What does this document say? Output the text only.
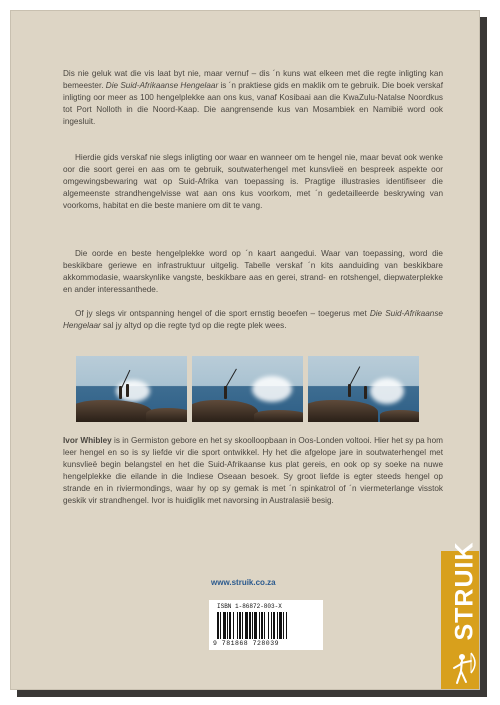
Dis nie geluk wat die vis laat byt nie, maar vernuf – dis ´n kuns wat elkeen met die regte inligting kan bemeester. Die Suid-Afrikaanse Hengelaar is ´n praktiese gids en maklik om te gebruik. Die boek verskaf inligting oor meer as 100 hengelplekke aan ons kus, vanaf Kosibaai aan die KwaZulu-Natalse Noordkus tot Port Nolloth in die Noord-Kaap. Die aangrensende kus van Mosambiek en Namibië word ook ingesluit.

Hierdie gids verskaf nie slegs inligting oor waar en wanneer om te hengel nie, maar bevat ook wenke oor die soort gerei en aas om te gebruik, soutwaterhengel met kunsvlieë en bespreek aspekte oor omgewingsbewaring wat op Suid-Afrika van toepassing is. Pragtige illustrasies identifiseer die algemeenste strandhengelvisse wat aan ons kus voorkom, met ´n gedetailleerde beskrywing van voorkoms, habitat en die beste maniere om dit te vang.

Die oorde en beste hengelplekke word op ´n kaart aangedui. Waar van toepassing, word die beskikbare geriewe en infrastruktuur uitgelig. Tabelle verskaf ´n kits aanduiding van beskikbare akkommodasie, waarskynlike vangste, beskikbare aas en gerei, strand- en rotshengel, diepwaterplekke en ander interessanthede.

Of jy slegs vir ontspanning hengel of die sport ernstig beoefen – toegerus met Die Suid-Afrikaanse Hengelaar sal jy altyd op die regte tyd op die regte plek wees.

Ivor Whibley is in Germiston gebore en het sy skoolloopbaan in Oos-Londen voltooi. Hier het sy pa hom leer hengel en so is sy liefde vir die sport ontwikkel. Hy het die afgelope jare in soutwaterhengel met kunsvlieë begin belangstel en het die Suid-Afrikaanse kus plat gereis, en ook op sy soeke na nuwe hengelplekke die eilande in die Indiese Oseaan besoek. Sy groot liefde is egter steeds hengel op strande en in riviermondings, waar hy op sy gemak is met ´n spinkatrol of ´n viermeterlange visstok geskik vir strandhengel. Ivor is huidiglik met navorsing in Australasië besig.

www.struik.co.za
ISBN 1-86872-803-X
9 781868 728039
STRUIK
